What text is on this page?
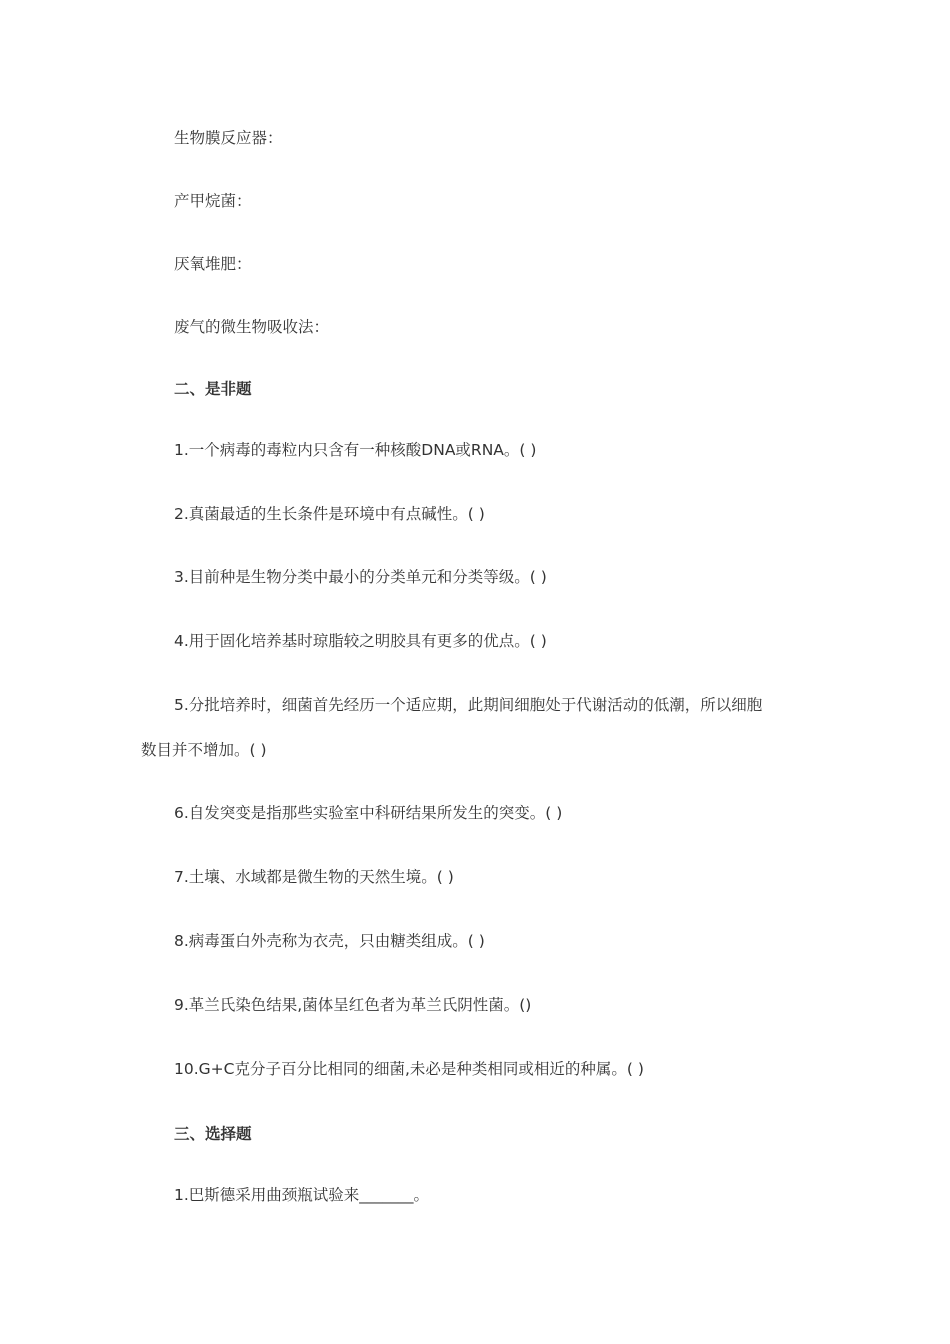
生物膜反应器：
产甲烷菌：
厌氧堆肥：
废气的微生物吸收法：
二、是非题
1.一个病毒的毒粒内只含有一种核酸DNA或RNA。( )
2.真菌最适的生长条件是环境中有点碱性。( )
3.目前种是生物分类中最小的分类单元和分类等级。( )
4.用于固化培养基时琼脂较之明胶具有更多的优点。( )
5.分批培养时，细菌首先经历一个适应期，此期间细胞处于代谢活动的低潮，所以细胞
数目并不增加。( )
6.自发突变是指那些实验室中科研结果所发生的突变。( )
7.土壤、水域都是微生物的天然生境。( )
8.病毒蛋白外壳称为衣壳，只由糖类组成。( )
9.革兰氏染色结果,菌体呈红色者为革兰氏阴性菌。()
10.G+C克分子百分比相同的细菌,未必是种类相同或相近的种属。( )
三、选择题
1.巴斯德采用曲颈瓶试验来_______。
